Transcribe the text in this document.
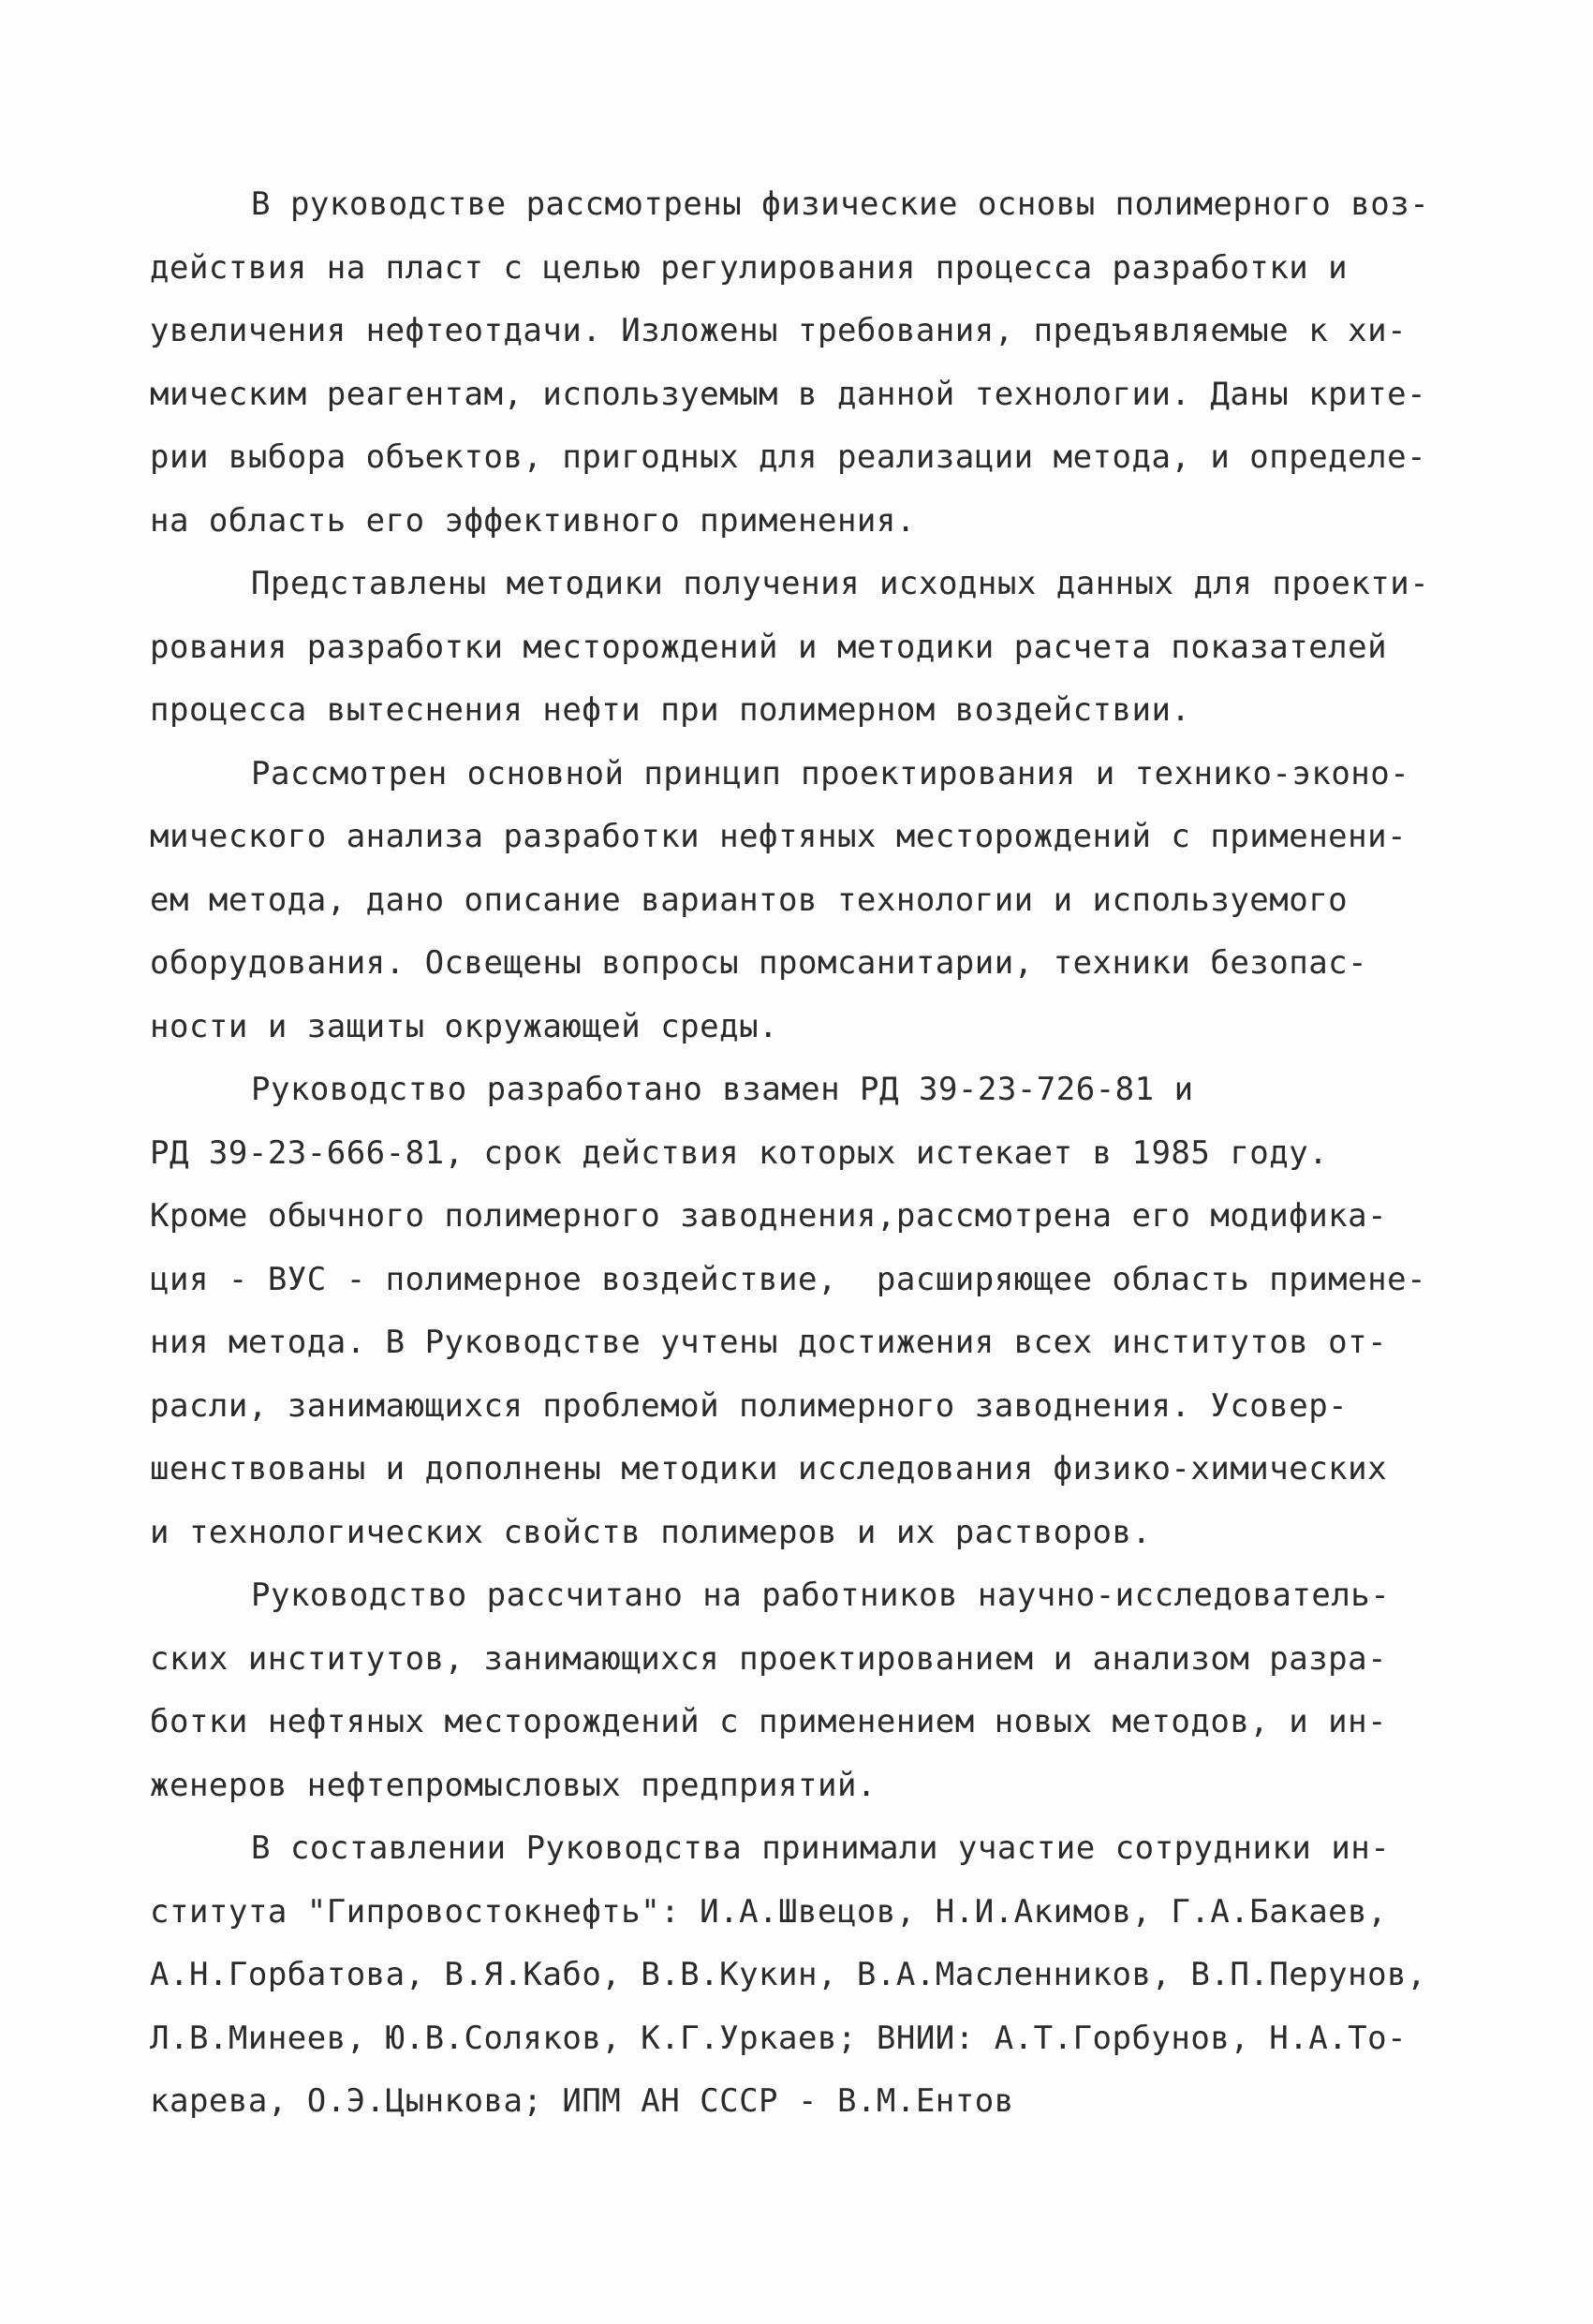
В руководстве рассмотрены физические основы полимерного воз-
действия на пласт с целью регулирования процесса разработки и
увеличения нефтеотдачи. Изложены требования, предъявляемые к хи-
мическим реагентам, используемым в данной технологии. Даны крите-
рии выбора объектов, пригодных для реализации метода, и определе-
на область его эффективного применения.
Представлены методики получения исходных данных для проекти-
рования разработки месторождений и методики расчета показателей
процесса вытеснения нефти при полимерном воздействии.
Рассмотрен основной принцип проектирования и технико-эконо-
мического анализа разработки нефтяных месторождений с применени-
ем метода, дано описание вариантов технологии и используемого
оборудования. Освещены вопросы промсанитарии, техники безопас-
ности и защиты окружающей среды.
Руководство разработано взамен РД 39-23-726-81 и
РД 39-23-666-81, срок действия которых истекает в 1985 году.
Кроме обычного полимерного заводнения,рассмотрена его модифика-
ция - ВУС - полимерное воздействие,  расширяющее область примене-
ния метода. В Руководстве учтены достижения всех институтов от-
расли, занимающихся проблемой полимерного заводнения. Усовер-
шенствованы и дополнены методики исследования физико-химических
и технологических свойств полимеров и их растворов.
Руководство рассчитано на работников научно-исследователь-
ских институтов, занимающихся проектированием и анализом разра-
ботки нефтяных месторождений с применением новых методов, и ин-
женеров нефтепромысловых предприятий.
В составлении Руководства принимали участие сотрудники ин-
ститута "Гипровостокнефть": И.А.Швецов, Н.И.Акимов, Г.А.Бакаев,
А.Н.Горбатова, В.Я.Кабо, В.В.Кукин, В.А.Масленников, В.П.Перунов,
Л.В.Минеев, Ю.В.Соляков, К.Г.Уркаев; ВНИИ: А.Т.Горбунов, Н.А.То-
карева, О.Э.Цынкова; ИПМ АН СССР - В.М.Ентов
